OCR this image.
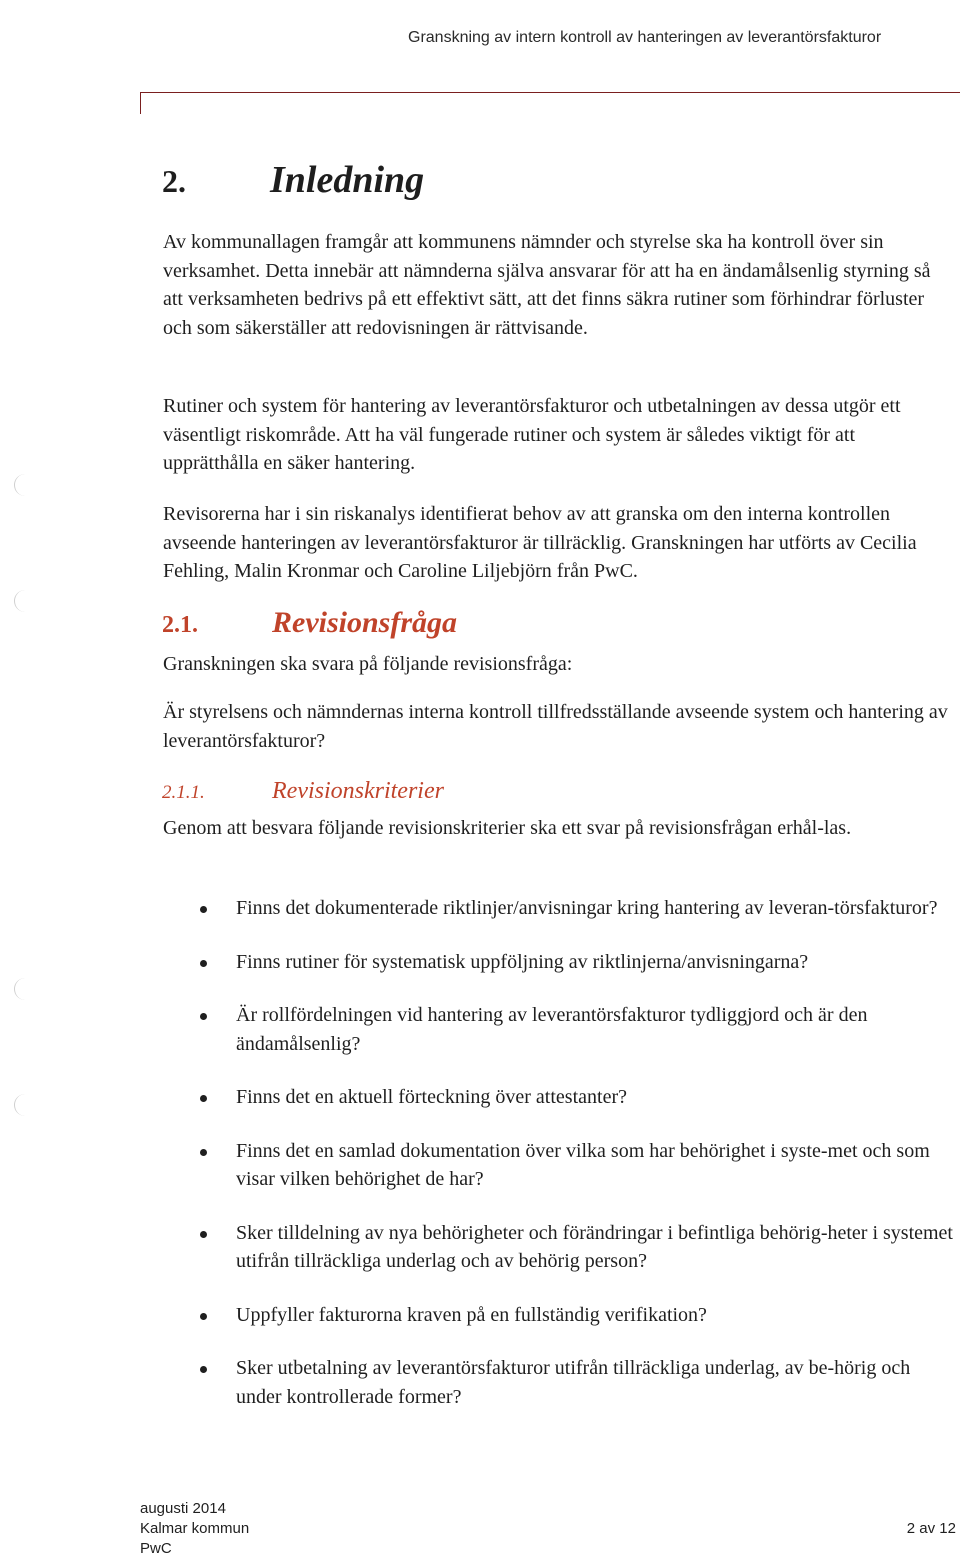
Granskning av intern kontroll av hanteringen av leverantörsfakturor
2. Inledning

Av kommunallagen framgår att kommunens nämnder och styrelse ska ha kontroll över sin verksamhet. Detta innebär att nämnderna själva ansvarar för att ha en ändamålsenlig styrning så att verksamheten bedrivs på ett effektivt sätt, att det finns säkra rutiner som förhindrar förluster och som säkerställer att redovisningen är rättvisande.

Rutiner och system för hantering av leverantörsfakturor och utbetalningen av dessa utgör ett väsentligt riskområde. Att ha väl fungerade rutiner och system är således viktigt för att upprätthålla en säker hantering.

Revisorerna har i sin riskanalys identifierat behov av att granska om den interna kontrollen avseende hanteringen av leverantörsfakturor är tillräcklig. Granskningen har utförts av Cecilia Fehling, Malin Kronmar och Caroline Liljebjörn från PwC.

2.1. Revisionsfråga

Granskningen ska svara på följande revisionsfråga:

Är styrelsens och nämndernas interna kontroll tillfredsställande avseende system och hantering av leverantörsfakturor?

2.1.1.	Revisionskriterier

Genom att besvara följande revisionskriterier ska ett svar på revisionsfrågan erhål-las.

Finns det dokumenterade riktlinjer/anvisningar kring hantering av leveran-törsfakturor?
Finns rutiner för systematisk uppföljning av riktlinjerna/anvisningarna?
Är rollfördelningen vid hantering av leverantörsfakturor tydliggjord och är den ändamålsenlig?
Finns det en aktuell förteckning över attestanter?
Finns det en samlad dokumentation över vilka som har behörighet i syste-met och som visar vilken behörighet de har?
Sker tilldelning av nya behörigheter och förändringar i befintliga behörig-heter i systemet utifrån tillräckliga underlag och av behörig person?
Uppfyller fakturorna kraven på en fullständig verifikation?
Sker utbetalning av leverantörsfakturor utifrån tillräckliga underlag, av be-hörig och under kontrollerade former?
augusti 2014
Kalmar kommun	2 av 12
PwC
